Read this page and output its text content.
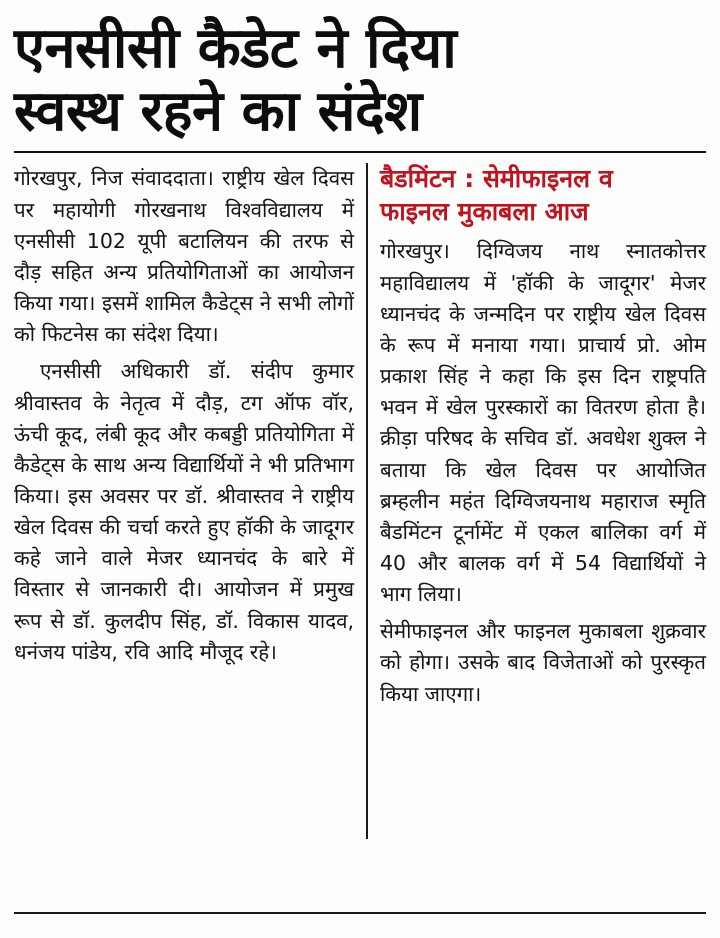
एनसीसी कैडेट ने दिया
स्वस्थ रहने का संदेश

गोरखपुर, निज संवाददाता। राष्ट्रीय खेल दिवस पर महायोगी गोरखनाथ विश्वविद्यालय में एनसीसी 102 यूपी बटालियन की तरफ से दौड़ सहित अन्य प्रतियोगिताओं का आयोजन किया गया। इसमें शामिल कैडेट्स ने सभी लोगों को फिटनेस का संदेश दिया।

एनसीसी अधिकारी डॉ. संदीप कुमार श्रीवास्तव के नेतृत्व में दौड़, टग ऑफ वॉर, ऊंची कूद, लंबी कूद और कबड्डी प्रतियोगिता में कैडेट्स के साथ अन्य विद्यार्थियों ने भी प्रतिभाग किया। इस अवसर पर डॉ. श्रीवास्तव ने राष्ट्रीय खेल दिवस की चर्चा करते हुए हॉकी के जादूगर कहे जाने वाले मेजर ध्यानचंद के बारे में विस्तार से जानकारी दी। आयोजन में प्रमुख रूप से डॉ. कुलदीप सिंह, डॉ. विकास यादव, धनंजय पांडेय, रवि आदि मौजूद रहे।

बैडमिंटन : सेमीफाइनल व
फाइनल मुकाबला आज

गोरखपुर। दिग्विजय नाथ स्नातकोत्तर महाविद्यालय में 'हॉकी के जादूगर' मेजर ध्यानचंद के जन्मदिन पर राष्ट्रीय खेल दिवस के रूप में मनाया गया। प्राचार्य प्रो. ओम प्रकाश सिंह ने कहा कि इस दिन राष्ट्रपति भवन में खेल पुरस्कारों का वितरण होता है। क्रीड़ा परिषद के सचिव डॉ. अवधेश शुक्ल ने बताया कि खेल दिवस पर आयोजित ब्रम्हलीन महंत दिग्विजयनाथ महाराज स्मृति बैडमिंटन टूर्नामेंट में एकल बालिका वर्ग में 40 और बालक वर्ग में 54 विद्यार्थियों ने भाग लिया।

सेमीफाइनल और फाइनल मुकाबला शुक्रवार को होगा। उसके बाद विजेताओं को पुरस्कृत किया जाएगा।
